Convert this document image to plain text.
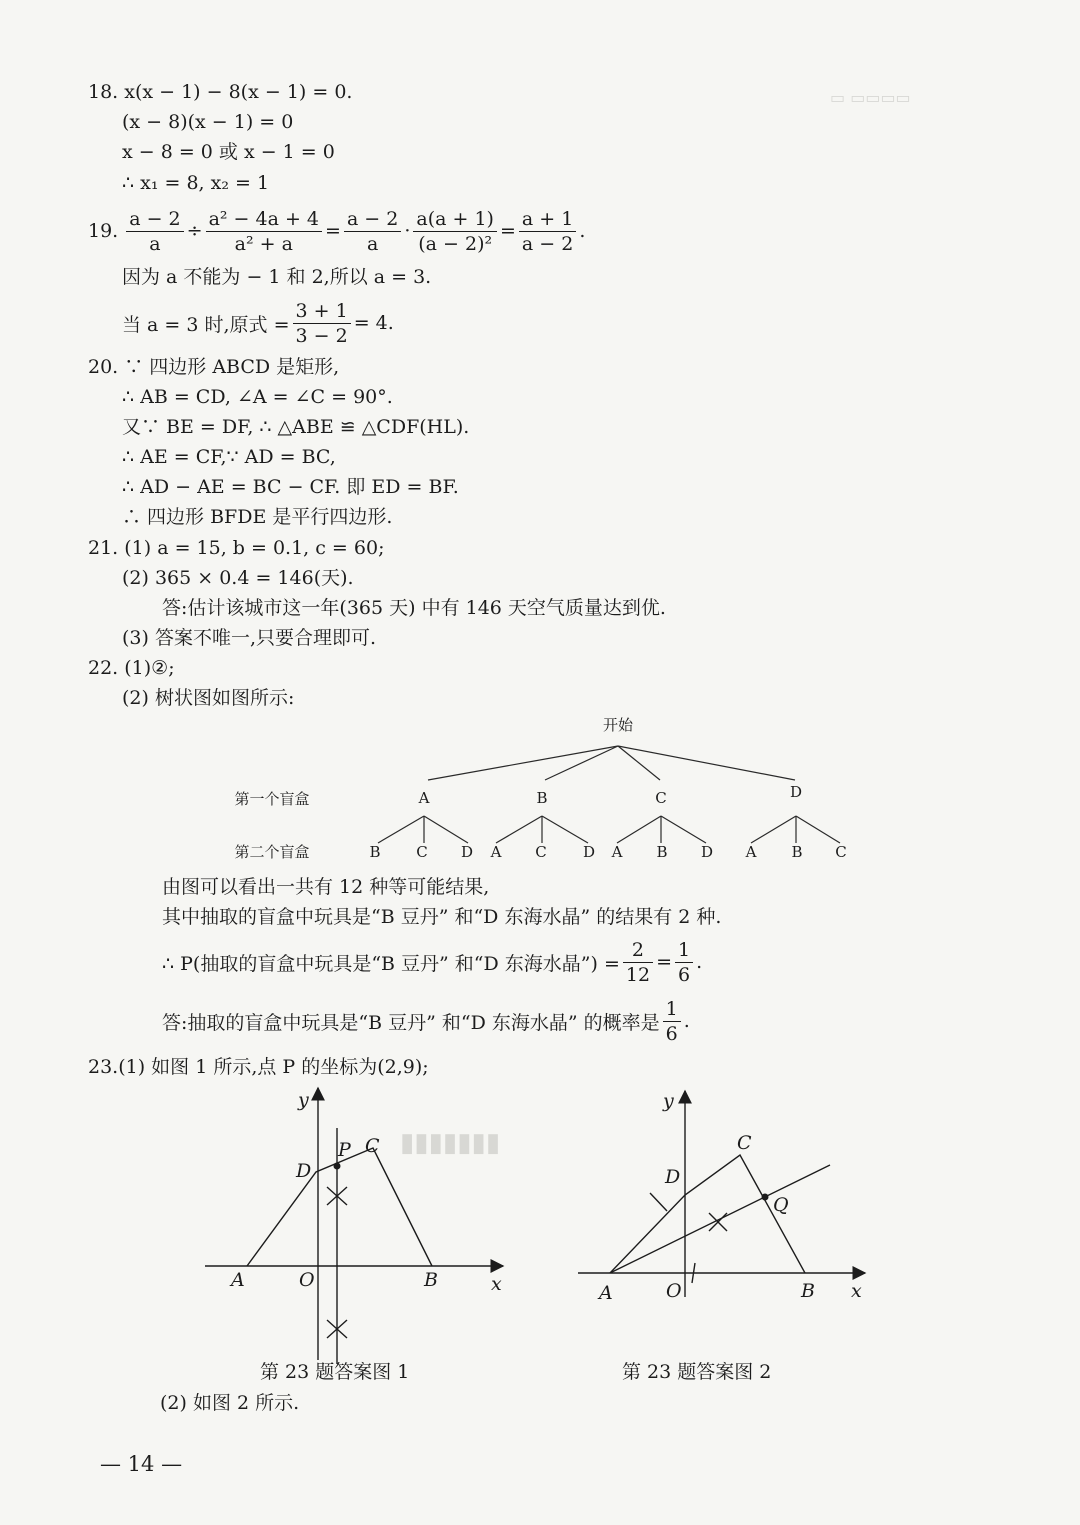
▭ ▭▭▭▭
▮▮▮▮▮▮▮
18. x(x − 1) − 8(x − 1) = 0.
(x − 8)(x − 1) = 0
x − 8 = 0 或 x − 1 = 0
∴ x₁ = 8, x₂ = 1
19. $\frac{a - 2}{a} \div \frac{\text{a² − 4a + 4}}{\text{a² + a}} = \frac{a - 2}{a} \cdot \frac{a(a + 1)}{\text{(a − 2)²}} = \frac{a + 1}{a - 2}$ .
因为 a 不能为 − 1 和 2,所以 a = 3.
当 a = 3 时,原式 = $\frac{3 + 1}{3 - 2} = 4$.
20. ∵ 四边形 ABCD 是矩形,
∴ AB = CD, ∠A = ∠C = 90°.
又∵ BE = DF, ∴ △ABE ≌ △CDF(HL).
∴ AE = CF,∵ AD = BC,
∴ AD − AE = BC − CF. 即 ED = BF.
∴ 四边形 BFDE 是平行四边形.
21. (1) a = 15, b = 0.1, c = 60;
(2) 365 × 0.4 = 146(天).
答:估计该城市这一年(365 天) 中有 146 天空气质量达到优.
(3) 答案不唯一,只要合理即可.
22. (1)②;
(2) 树状图如图所示:
开始
第一个盲盒
第二个盲盒
A	B	C	D
B C D A C D A B D A B C
由图可以看出一共有 12 种等可能结果,
其中抽取的盲盒中玩具是“B 豆丹” 和“D 东海水晶” 的结果有 2 种.
∴ P(抽取的盲盒中玩具是“B 豆丹” 和“D 东海水晶”) = $\frac{2}{12} = \frac{1}{6}$ .
答:抽取的盲盒中玩具是“B 豆丹” 和“D 东海水晶” 的概率是 $\frac{1}{6}$ .
23.(1) 如图 1 所示,点 P 的坐标为(2,9);
y
x
O
A	B
C
D
P
第 23 题答案图 1
y
x
O
A	B
C
D
Q
第 23 题答案图 2
(2) 如图 2 所示.
— 14 —
